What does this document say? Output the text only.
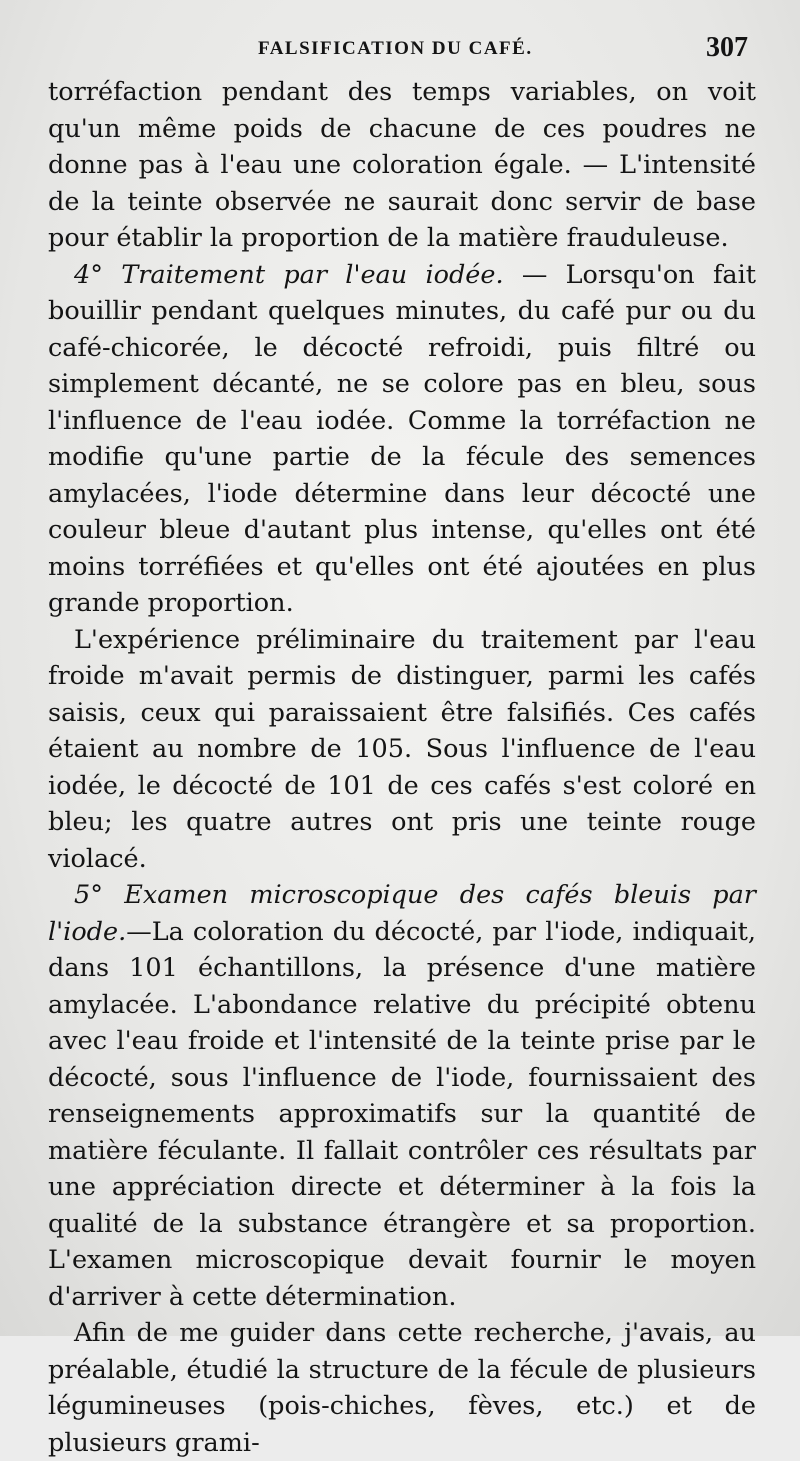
FALSIFICATION DU CAFÉ.	307

torréfaction pendant des temps variables, on voit qu'un même poids de chacune de ces poudres ne donne pas à l'eau une coloration égale. — L'intensité de la teinte observée ne saurait donc servir de base pour établir la proportion de la matière frauduleuse.

4° Traitement par l'eau iodée. — Lorsqu'on fait bouillir pendant quelques minutes, du café pur ou du café-chicorée, le décocté refroidi, puis filtré ou simplement décanté, ne se colore pas en bleu, sous l'influence de l'eau iodée. Comme la torréfaction ne modifie qu'une partie de la fécule des semences amylacées, l'iode détermine dans leur décocté une couleur bleue d'autant plus intense, qu'elles ont été moins torréfiées et qu'elles ont été ajoutées en plus grande proportion.

L'expérience préliminaire du traitement par l'eau froide m'avait permis de distinguer, parmi les cafés saisis, ceux qui paraissaient être falsifiés. Ces cafés étaient au nombre de 105. Sous l'influence de l'eau iodée, le décocté de 101 de ces cafés s'est coloré en bleu; les quatre autres ont pris une teinte rouge violacé.

5° Examen microscopique des cafés bleuis par l'iode.—La coloration du décocté, par l'iode, indiquait, dans 101 échantillons, la présence d'une matière amylacée. L'abondance relative du précipité obtenu avec l'eau froide et l'intensité de la teinte prise par le décocté, sous l'influence de l'iode, fournissaient des renseignements approximatifs sur la quantité de matière féculante. Il fallait contrôler ces résultats par une appréciation directe et déterminer à la fois la qualité de la substance étrangère et sa proportion. L'examen microscopique devait fournir le moyen d'arriver à cette détermination.

Afin de me guider dans cette recherche, j'avais, au préalable, étudié la structure de la fécule de plusieurs légumineuses (pois-chiches, fèves, etc.) et de plusieurs grami-
